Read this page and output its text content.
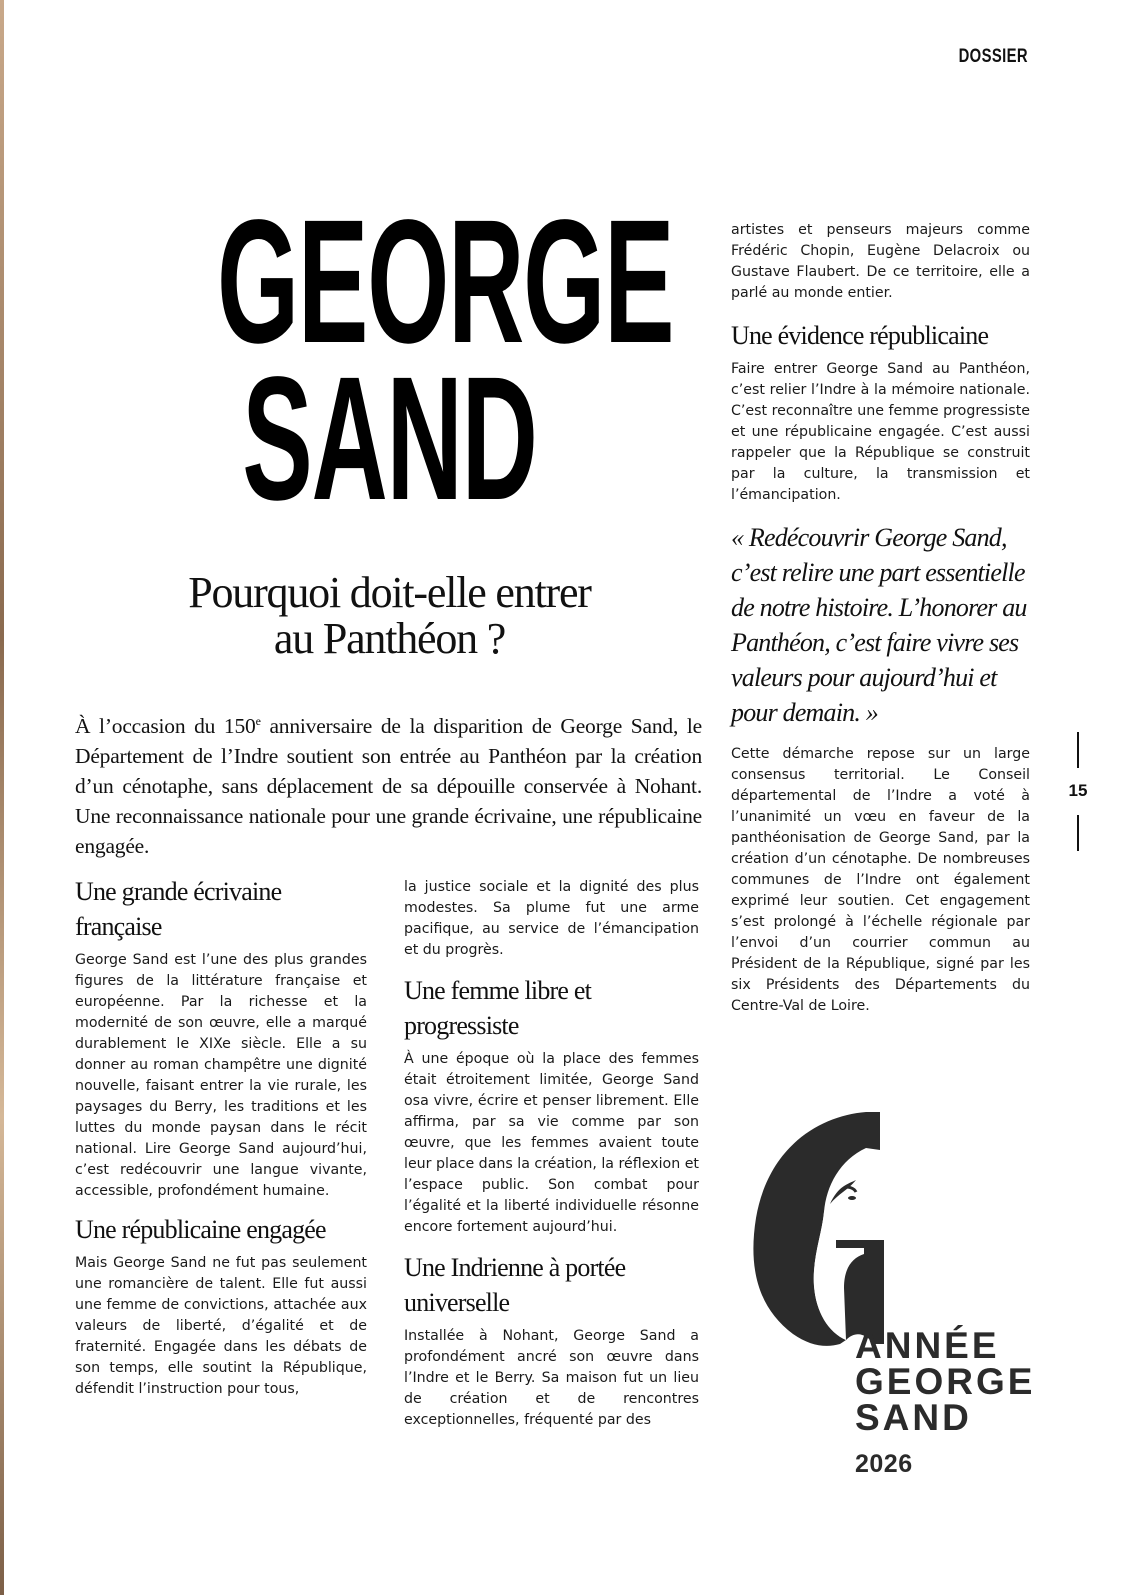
DOSSIER
GEORGE
SAND
Pourquoi doit-elle entrer
au Panthéon ?
À l’occasion du 150e anniversaire de la disparition de George Sand, le Département de l’Indre soutient son entrée au Panthéon par la création d’un cénotaphe, sans déplacement de sa dépouille conservée à Nohant. Une reconnaissance nationale pour une grande écrivaine, une républicaine engagée.
Une grande écrivaine française

George Sand est l’une des plus grandes figures de la littérature française et européenne. Par la richesse et la modernité de son œuvre, elle a marqué durablement le XIXe siècle. Elle a su donner au roman champêtre une dignité nouvelle, faisant entrer la vie rurale, les paysages du Berry, les traditions et les luttes du monde paysan dans le récit national. Lire George Sand aujourd’hui, c’est redécouvrir une langue vivante, accessible, profondément humaine.

Une républicaine engagée

Mais George Sand ne fut pas seulement une romancière de talent. Elle fut aussi une femme de convictions, attachée aux valeurs de liberté, d’égalité et de fraternité. Engagée dans les débats de son temps, elle soutint la République, défendit l’instruction pour tous,

la justice sociale et la dignité des plus modestes. Sa plume fut une arme pacifique, au service de l’émancipation et du progrès.

Une femme libre et progressiste

À une époque où la place des femmes était étroitement limitée, George Sand osa vivre, écrire et penser librement. Elle affirma, par sa vie comme par son œuvre, que les femmes avaient toute leur place dans la création, la réflexion et l’espace public. Son combat pour l’égalité et la liberté individuelle résonne encore fortement aujourd’hui.

Une Indrienne à portée universelle

Installée à Nohant, George Sand a profondément ancré son œuvre dans l’Indre et le Berry. Sa maison fut un lieu de création et de rencontres exceptionnelles, fréquenté par des

artistes et penseurs majeurs comme Frédéric Chopin, Eugène Delacroix ou Gustave Flaubert. De ce territoire, elle a parlé au monde entier.

Une évidence républicaine

Faire entrer George Sand au Panthéon, c’est relier l’Indre à la mémoire nationale. C’est reconnaître une femme progressiste et une républicaine engagée. C’est aussi rappeler que la République se construit par la culture, la transmission et l’émancipation.

« Redécouvrir George Sand, c’est relire une part essentielle de notre histoire. L’honorer au Panthéon, c’est faire vivre ses valeurs pour aujourd’hui et pour demain. »

Cette démarche repose sur un large consensus territorial. Le Conseil départemental de l’Indre a voté à l’unanimité un vœu en faveur de la panthéonisation de George Sand, par la création d’un cénotaphe. De nombreuses communes de l’Indre ont également exprimé leur soutien. Cet engagement s’est prolongé à l’échelle régionale par l’envoi d’un courrier commun au Président de la République, signé par les six Présidents des Départements du Centre-Val de Loire.

15
ANNÉE
GEORGE
SAND
2026
